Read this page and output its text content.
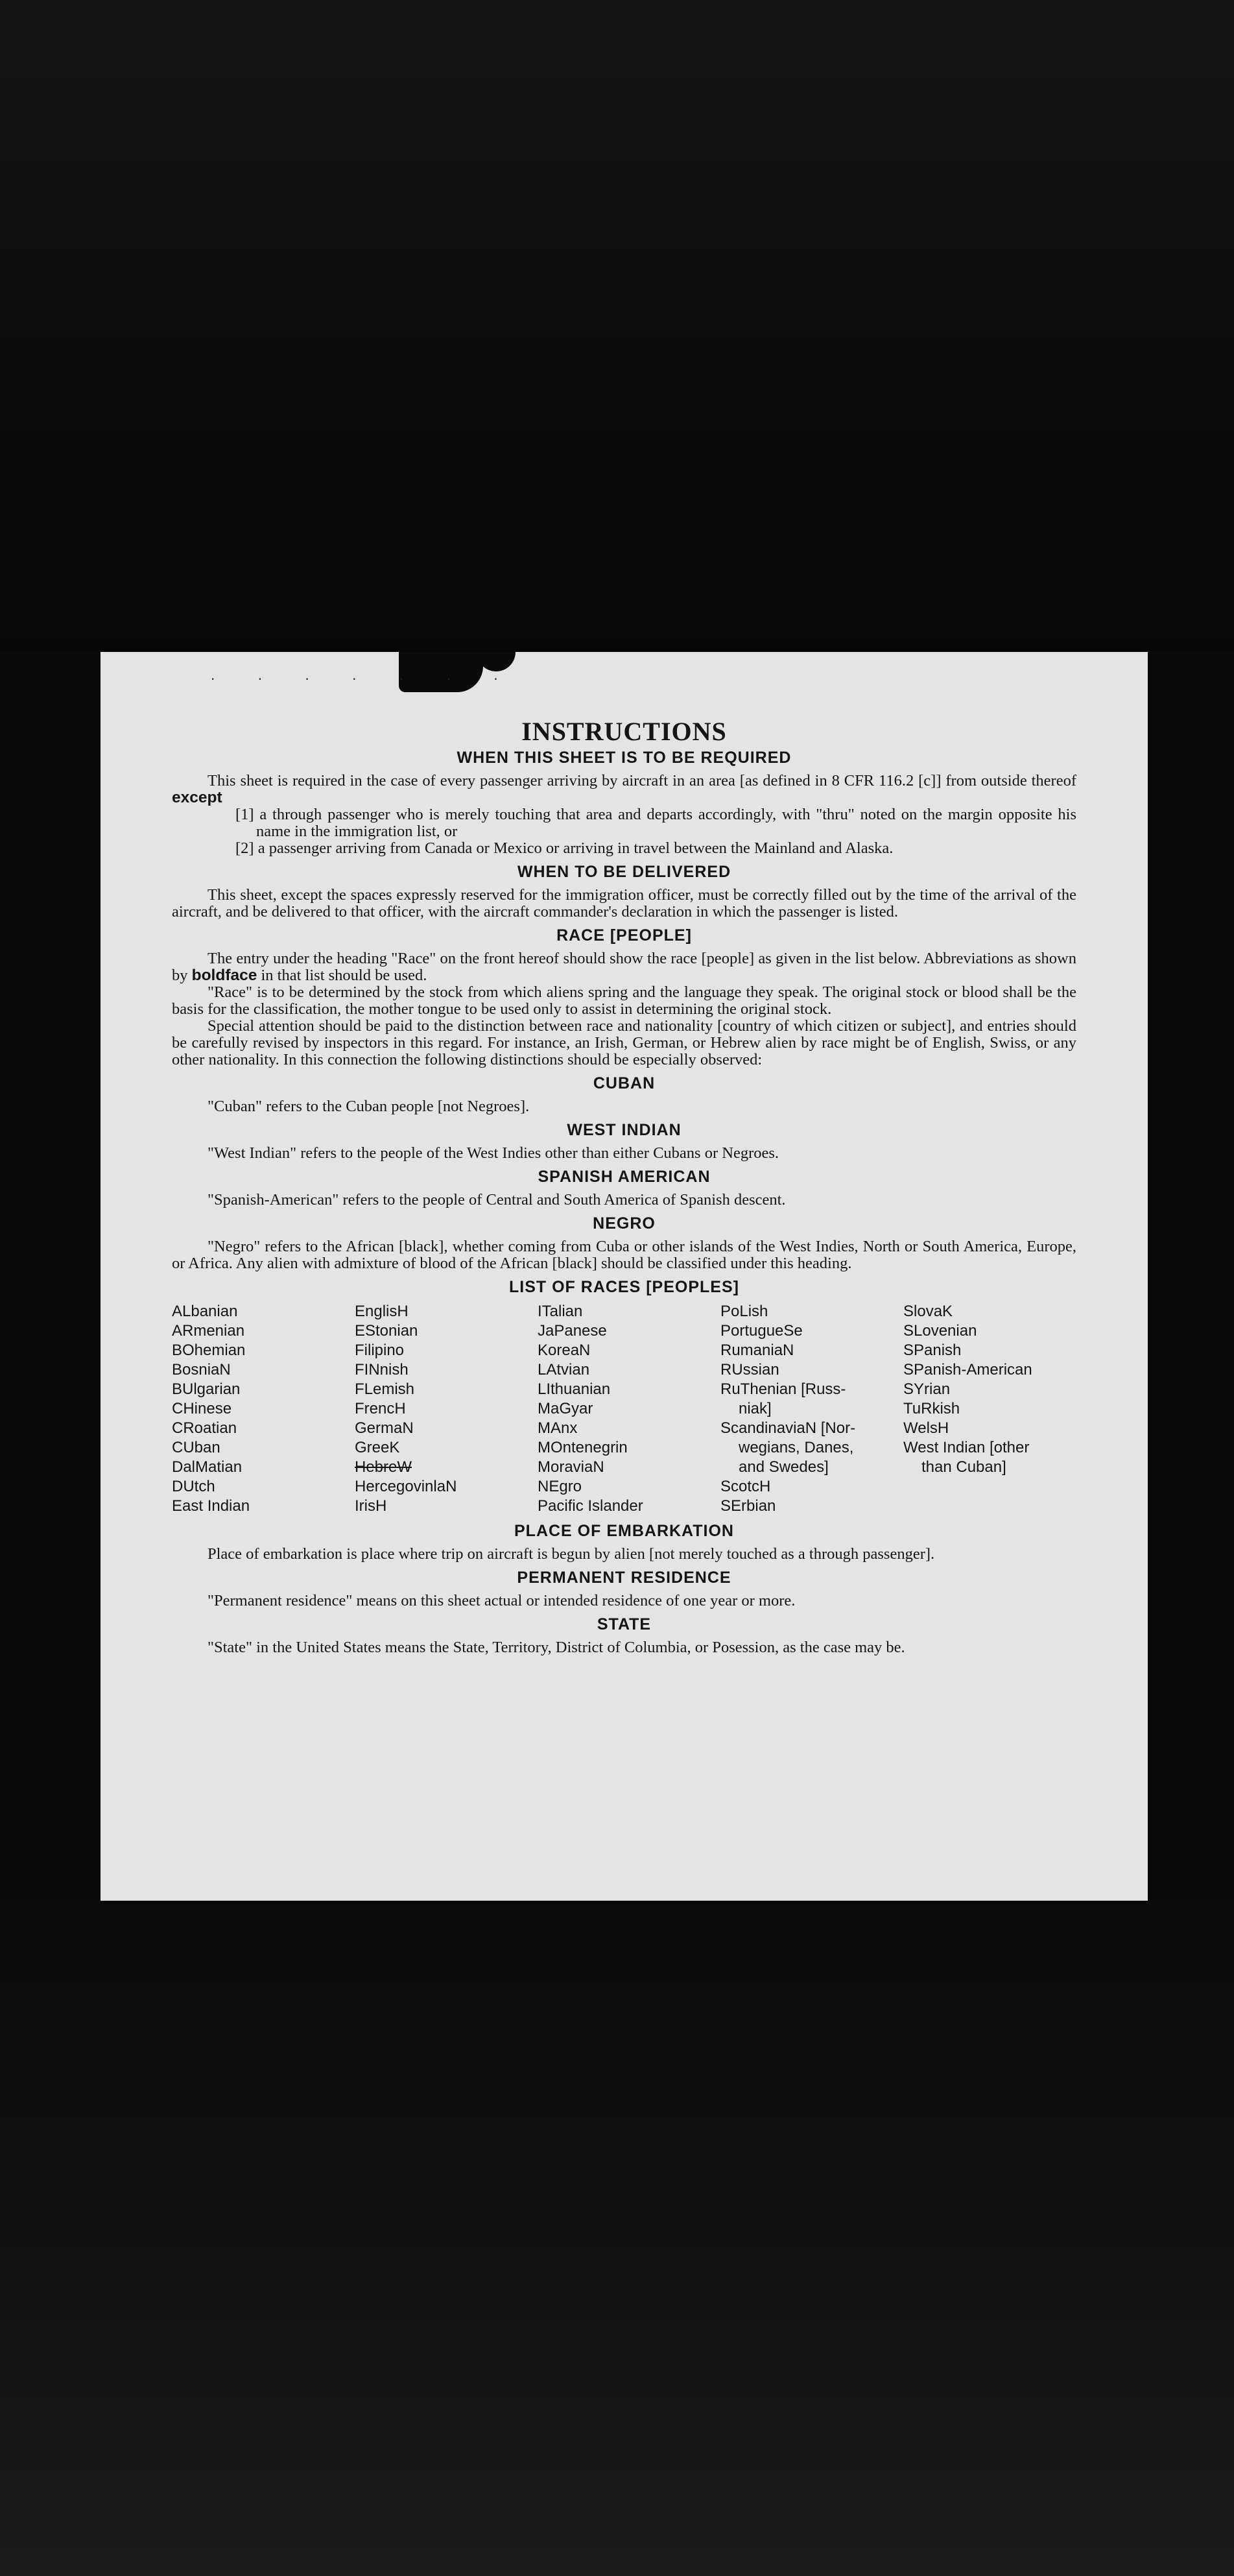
· · · · · · ·
INSTRUCTIONS
WHEN THIS SHEET IS TO BE REQUIRED

This sheet is required in the case of every passenger arriving by aircraft in an area [as defined in 8 CFR 116.2 [c]] from outside thereof except

[1] a through passenger who is merely touching that area and departs accordingly, with "thru" noted on the margin opposite his name in the immigration list, or

[2] a passenger arriving from Canada or Mexico or arriving in travel between the Mainland and Alaska.

WHEN TO BE DELIVERED

This sheet, except the spaces expressly reserved for the immigration officer, must be correctly filled out by the time of the arrival of the aircraft, and be delivered to that officer, with the aircraft commander's declaration in which the passenger is listed.

RACE [PEOPLE]

The entry under the heading "Race" on the front hereof should show the race [people] as given in the list below. Abbreviations as shown by boldface in that list should be used.

"Race" is to be determined by the stock from which aliens spring and the language they speak. The original stock or blood shall be the basis for the classification, the mother tongue to be used only to assist in determining the original stock.

Special attention should be paid to the distinction between race and nationality [country of which citizen or subject], and entries should be carefully revised by inspectors in this regard. For instance, an Irish, German, or Hebrew alien by race might be of English, Swiss, or any other nationality. In this connection the following distinctions should be especially observed:

CUBAN

"Cuban" refers to the Cuban people [not Negroes].

WEST INDIAN

"West Indian" refers to the people of the West Indies other than either Cubans or Negroes.

SPANISH AMERICAN

"Spanish-American" refers to the people of Central and South America of Spanish descent.

NEGRO

"Negro" refers to the African [black], whether coming from Cuba or other islands of the West Indies, North or South America, Europe, or Africa. Any alien with admixture of blood of the African [black] should be classified under this heading.

LIST OF RACES [PEOPLES]
ALbanian
ARmenian
BOhemian
BosniaN
BUlgarian
CHinese
CRoatian
CUban
DalMatian
DUtch
East Indian
EnglisH
EStonian
Filipino
FINnish
FLemish
FrencH
GermaN
GreeK
HebreW
HercegovinlaN
IrisH
ITalian
JaPanese
KoreaN
LAtvian
LIthuanian
MaGyar
MAnx
MOntenegrin
MoraviaN
NEgro
Pacific Islander
PoLish
PortugueSe
RumaniaN
RUssian
RuThenian [Russ-
niak]
ScandinaviaN [Nor-
wegians, Danes,
and Swedes]
ScotcH
SErbian
SlovaK
SLovenian
SPanish
SPanish-American
SYrian
TuRkish
WelsH
West Indian [other
than Cuban]
PLACE OF EMBARKATION

Place of embarkation is place where trip on aircraft is begun by alien [not merely touched as a through passenger].

PERMANENT RESIDENCE

"Permanent residence" means on this sheet actual or intended residence of one year or more.

STATE

"State" in the United States means the State, Territory, District of Columbia, or Posession, as the case may be.
